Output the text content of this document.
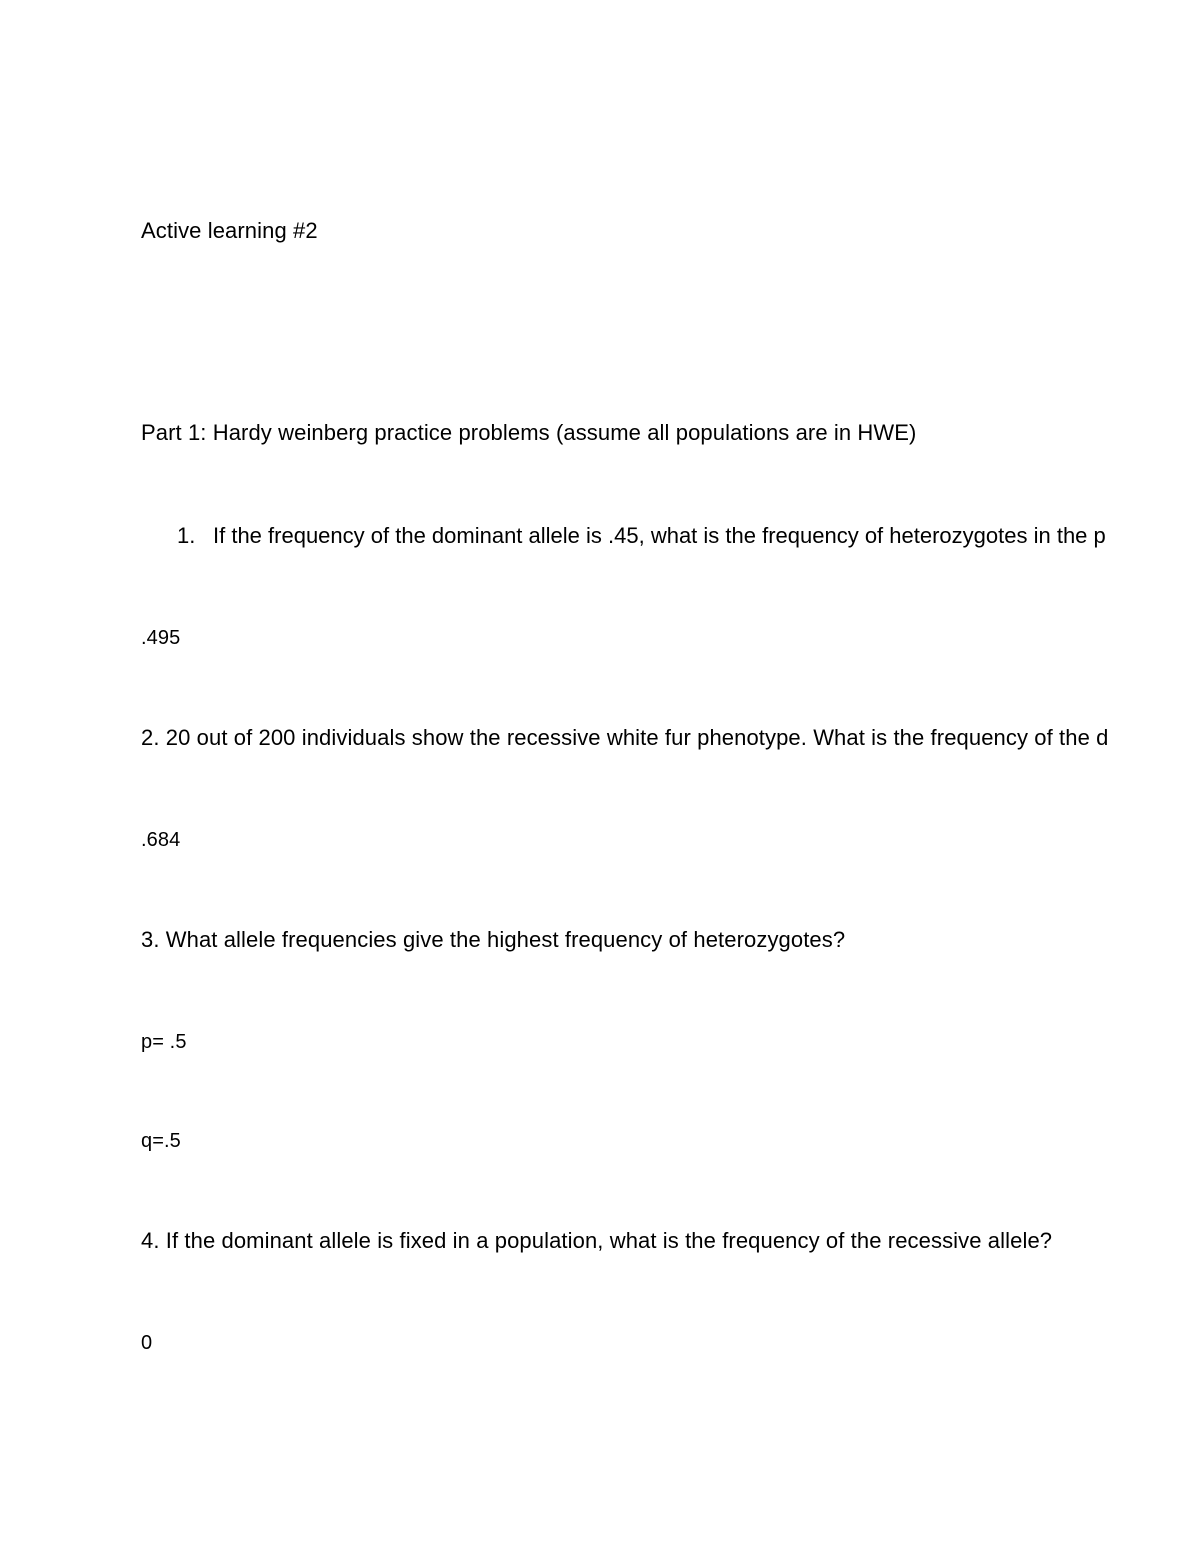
Active learning #2
Part 1: Hardy weinberg practice problems (assume all populations are in HWE)
1. If the frequency of the dominant allele is .45, what is the frequency of heterozygotes in the p
.495
2. 20 out of 200 individuals show the recessive white fur phenotype. What is the frequency of the d
.684
3. What allele frequencies give the highest frequency of heterozygotes?
p= .5
q=.5
4. If the dominant allele is fixed in a population, what is the frequency of the recessive allele?
0
